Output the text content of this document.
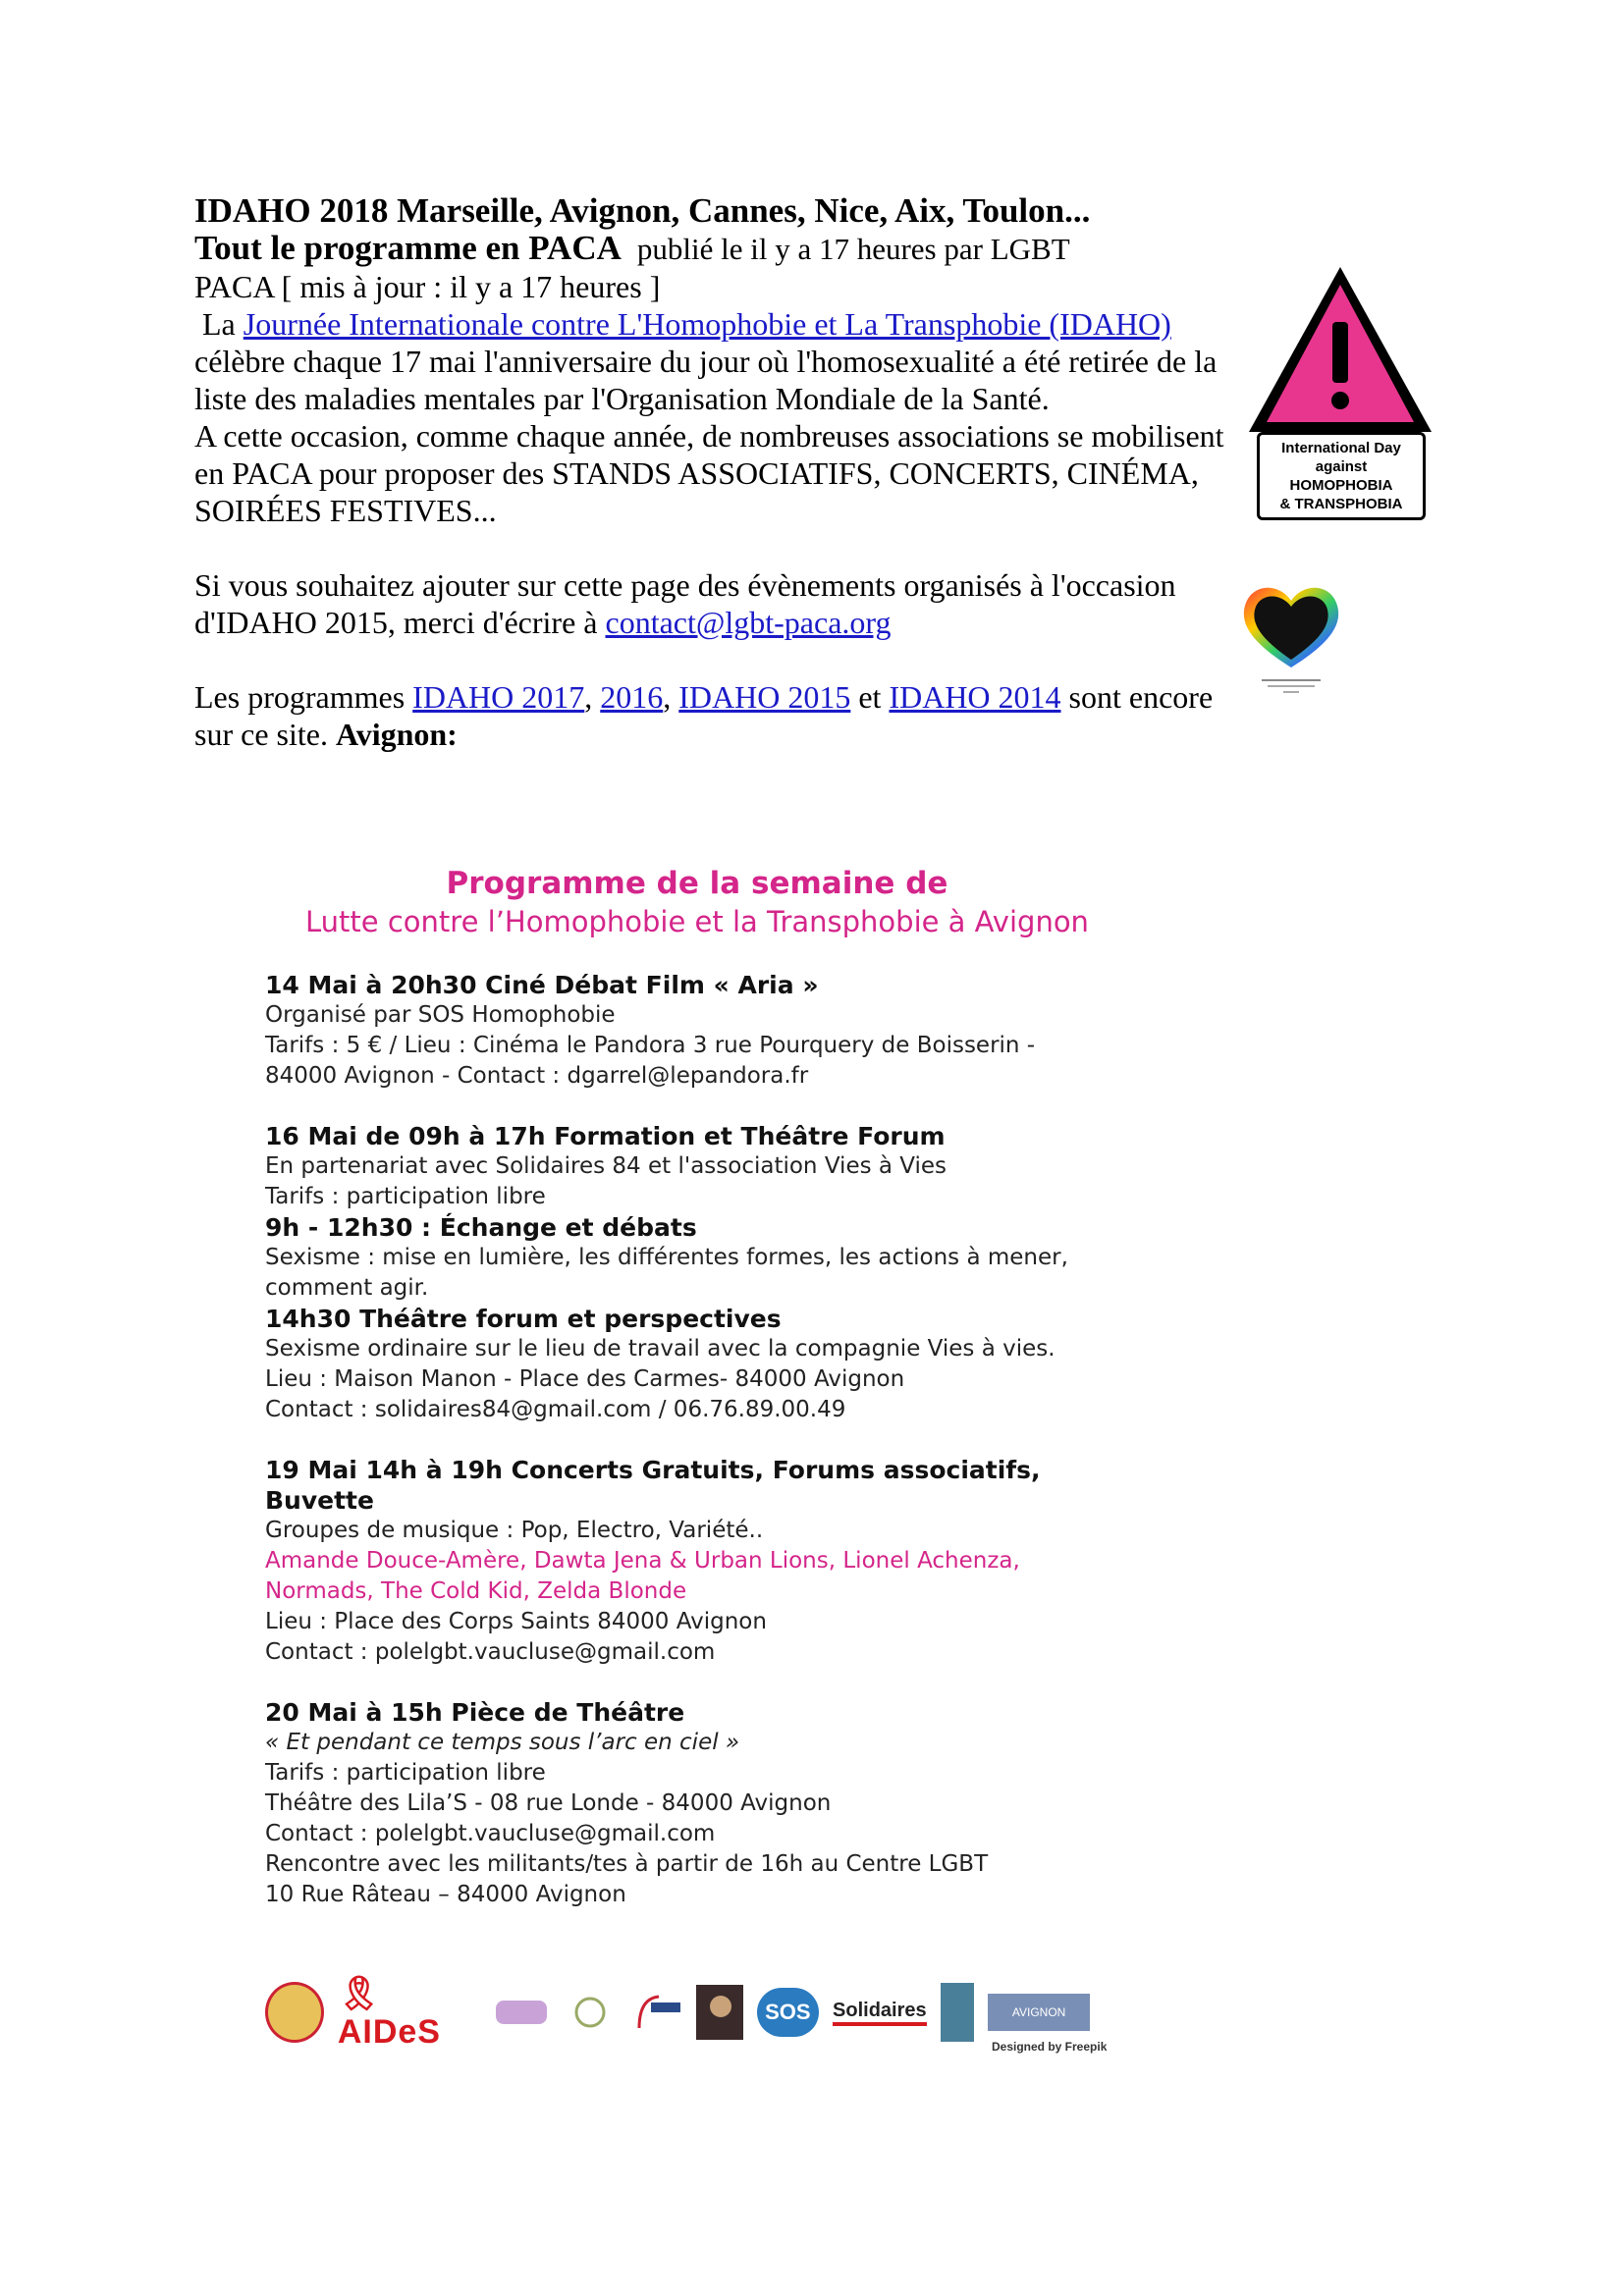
IDAHO 2018 Marseille, Avignon, Cannes, Nice, Aix, Toulon...

Tout le programme en PACA publié le il y a 17 heures par LGBT

PACA [ mis à jour : il y a 17 heures ]

La Journée Internationale contre L'Homophobie et La Transphobie (IDAHO) célèbre chaque 17 mai l'anniversaire du jour où l'homosexualité a été retirée de la liste des maladies mentales par l'Organisation Mondiale de la Santé.

A cette occasion, comme chaque année, de nombreuses associations se mobilisent en PACA pour proposer des STANDS ASSOCIATIFS, CONCERTS, CINÉMA, SOIRÉES FESTIVES...

Si vous souhaitez ajouter sur cette page des évènements organisés à l'occasion d'IDAHO 2015, merci d'écrire à contact@lgbt-paca.org

Les programmes IDAHO 2017, 2016, IDAHO 2015 et IDAHO 2014 sont encore sur ce site. Avignon:

International Day
against
HOMOPHOBIA
& TRANSPHOBIA
Programme de la semaine de
Lutte contre l’Homophobie et la Transphobie à Avignon
14 Mai à 20h30 Ciné Débat Film « Aria »
Organisé par SOS Homophobie
Tarifs : 5 € / Lieu : Cinéma le Pandora 3 rue Pourquery de Boisserin -
84000 Avignon - Contact : dgarrel@lepandora.fr
16 Mai de 09h à 17h Formation et Théâtre Forum
En partenariat avec Solidaires 84 et l'association Vies à Vies
Tarifs : participation libre
9h - 12h30 : Échange et débats
Sexisme : mise en lumière, les différentes formes, les actions à mener,
comment agir.
14h30 Théâtre forum et perspectives
Sexisme ordinaire sur le lieu de travail avec la compagnie Vies à vies.
Lieu : Maison Manon - Place des Carmes- 84000 Avignon
Contact : solidaires84@gmail.com / 06.76.89.00.49
19 Mai 14h à 19h Concerts Gratuits, Forums associatifs, Buvette
Groupes de musique : Pop, Electro, Variété..
Amande Douce-Amère, Dawta Jena & Urban Lions, Lionel Achenza,
Normads, The Cold Kid, Zelda Blonde
Lieu : Place des Corps Saints 84000 Avignon
Contact : polelgbt.vaucluse@gmail.com
20 Mai à 15h Pièce de Théâtre
« Et pendant ce temps sous l’arc en ciel »
Tarifs : participation libre
Théâtre des Lila’S - 08 rue Londe - 84000 Avignon
Contact : polelgbt.vaucluse@gmail.com
Rencontre avec les militants/tes à partir de 16h au Centre LGBT
10 Rue Râteau – 84000 Avignon
🎗AIDeS
SOS	Solidaires	AVIGNON
Designed by Freepik
